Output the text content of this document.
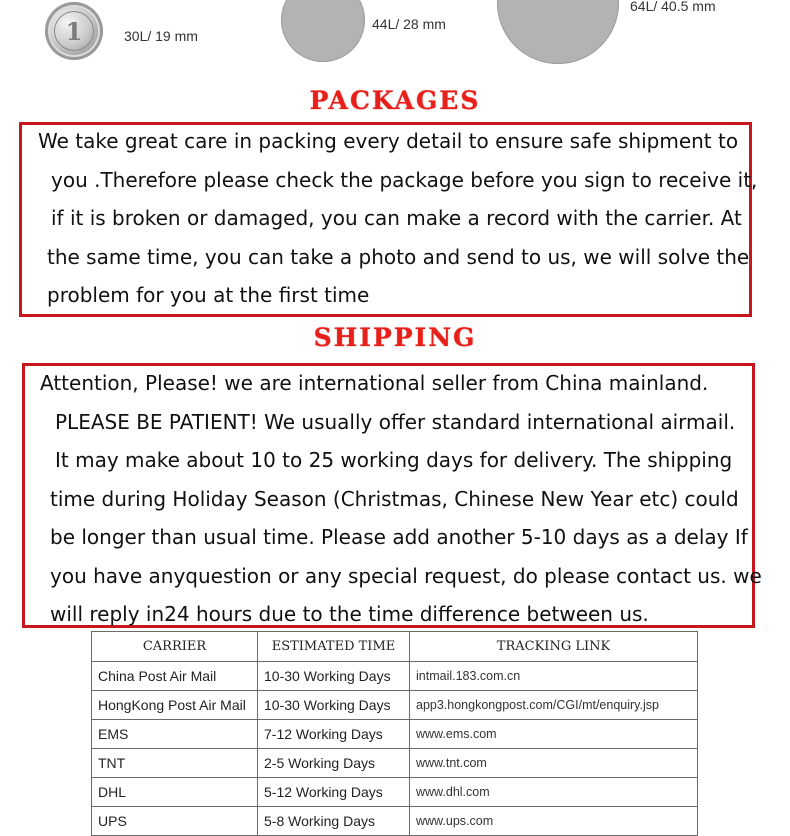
1	30L/ 19 mm
44L/ 28 mm
64L/ 40.5 mm
PACKAGES
We take great care in packing every detail to ensure safe shipment to
you .Therefore please check the package before you sign to receive it,
if it is broken or damaged, you can make a record with the carrier. At
the same time, you can take a photo and send to us, we will solve the
problem for you at the first time
SHIPPING
Attention, Please! we are international seller from China mainland.
PLEASE BE PATIENT! We usually offer standard international airmail.
It may make about 10 to 25 working days for delivery. The shipping
time during Holiday Season (Christmas, Chinese New Year etc) could
be longer than usual time. Please add another 5-10 days as a delay If
you have anyquestion or any special request, do please contact us. we
will reply in24 hours due to the time difference between us.
CARRIER	ESTIMATED TIME	TRACKING LINK
China Post Air Mail	10-30 Working Days	intmail.183.com.cn
HongKong Post Air Mail	10-30 Working Days	app3.hongkongpost.com/CGI/mt/enquiry.jsp
EMS	7-12 Working Days	www.ems.com
TNT	2-5 Working Days	www.tnt.com
DHL	5-12 Working Days	www.dhl.com
UPS	5-8 Working Days	www.ups.com
